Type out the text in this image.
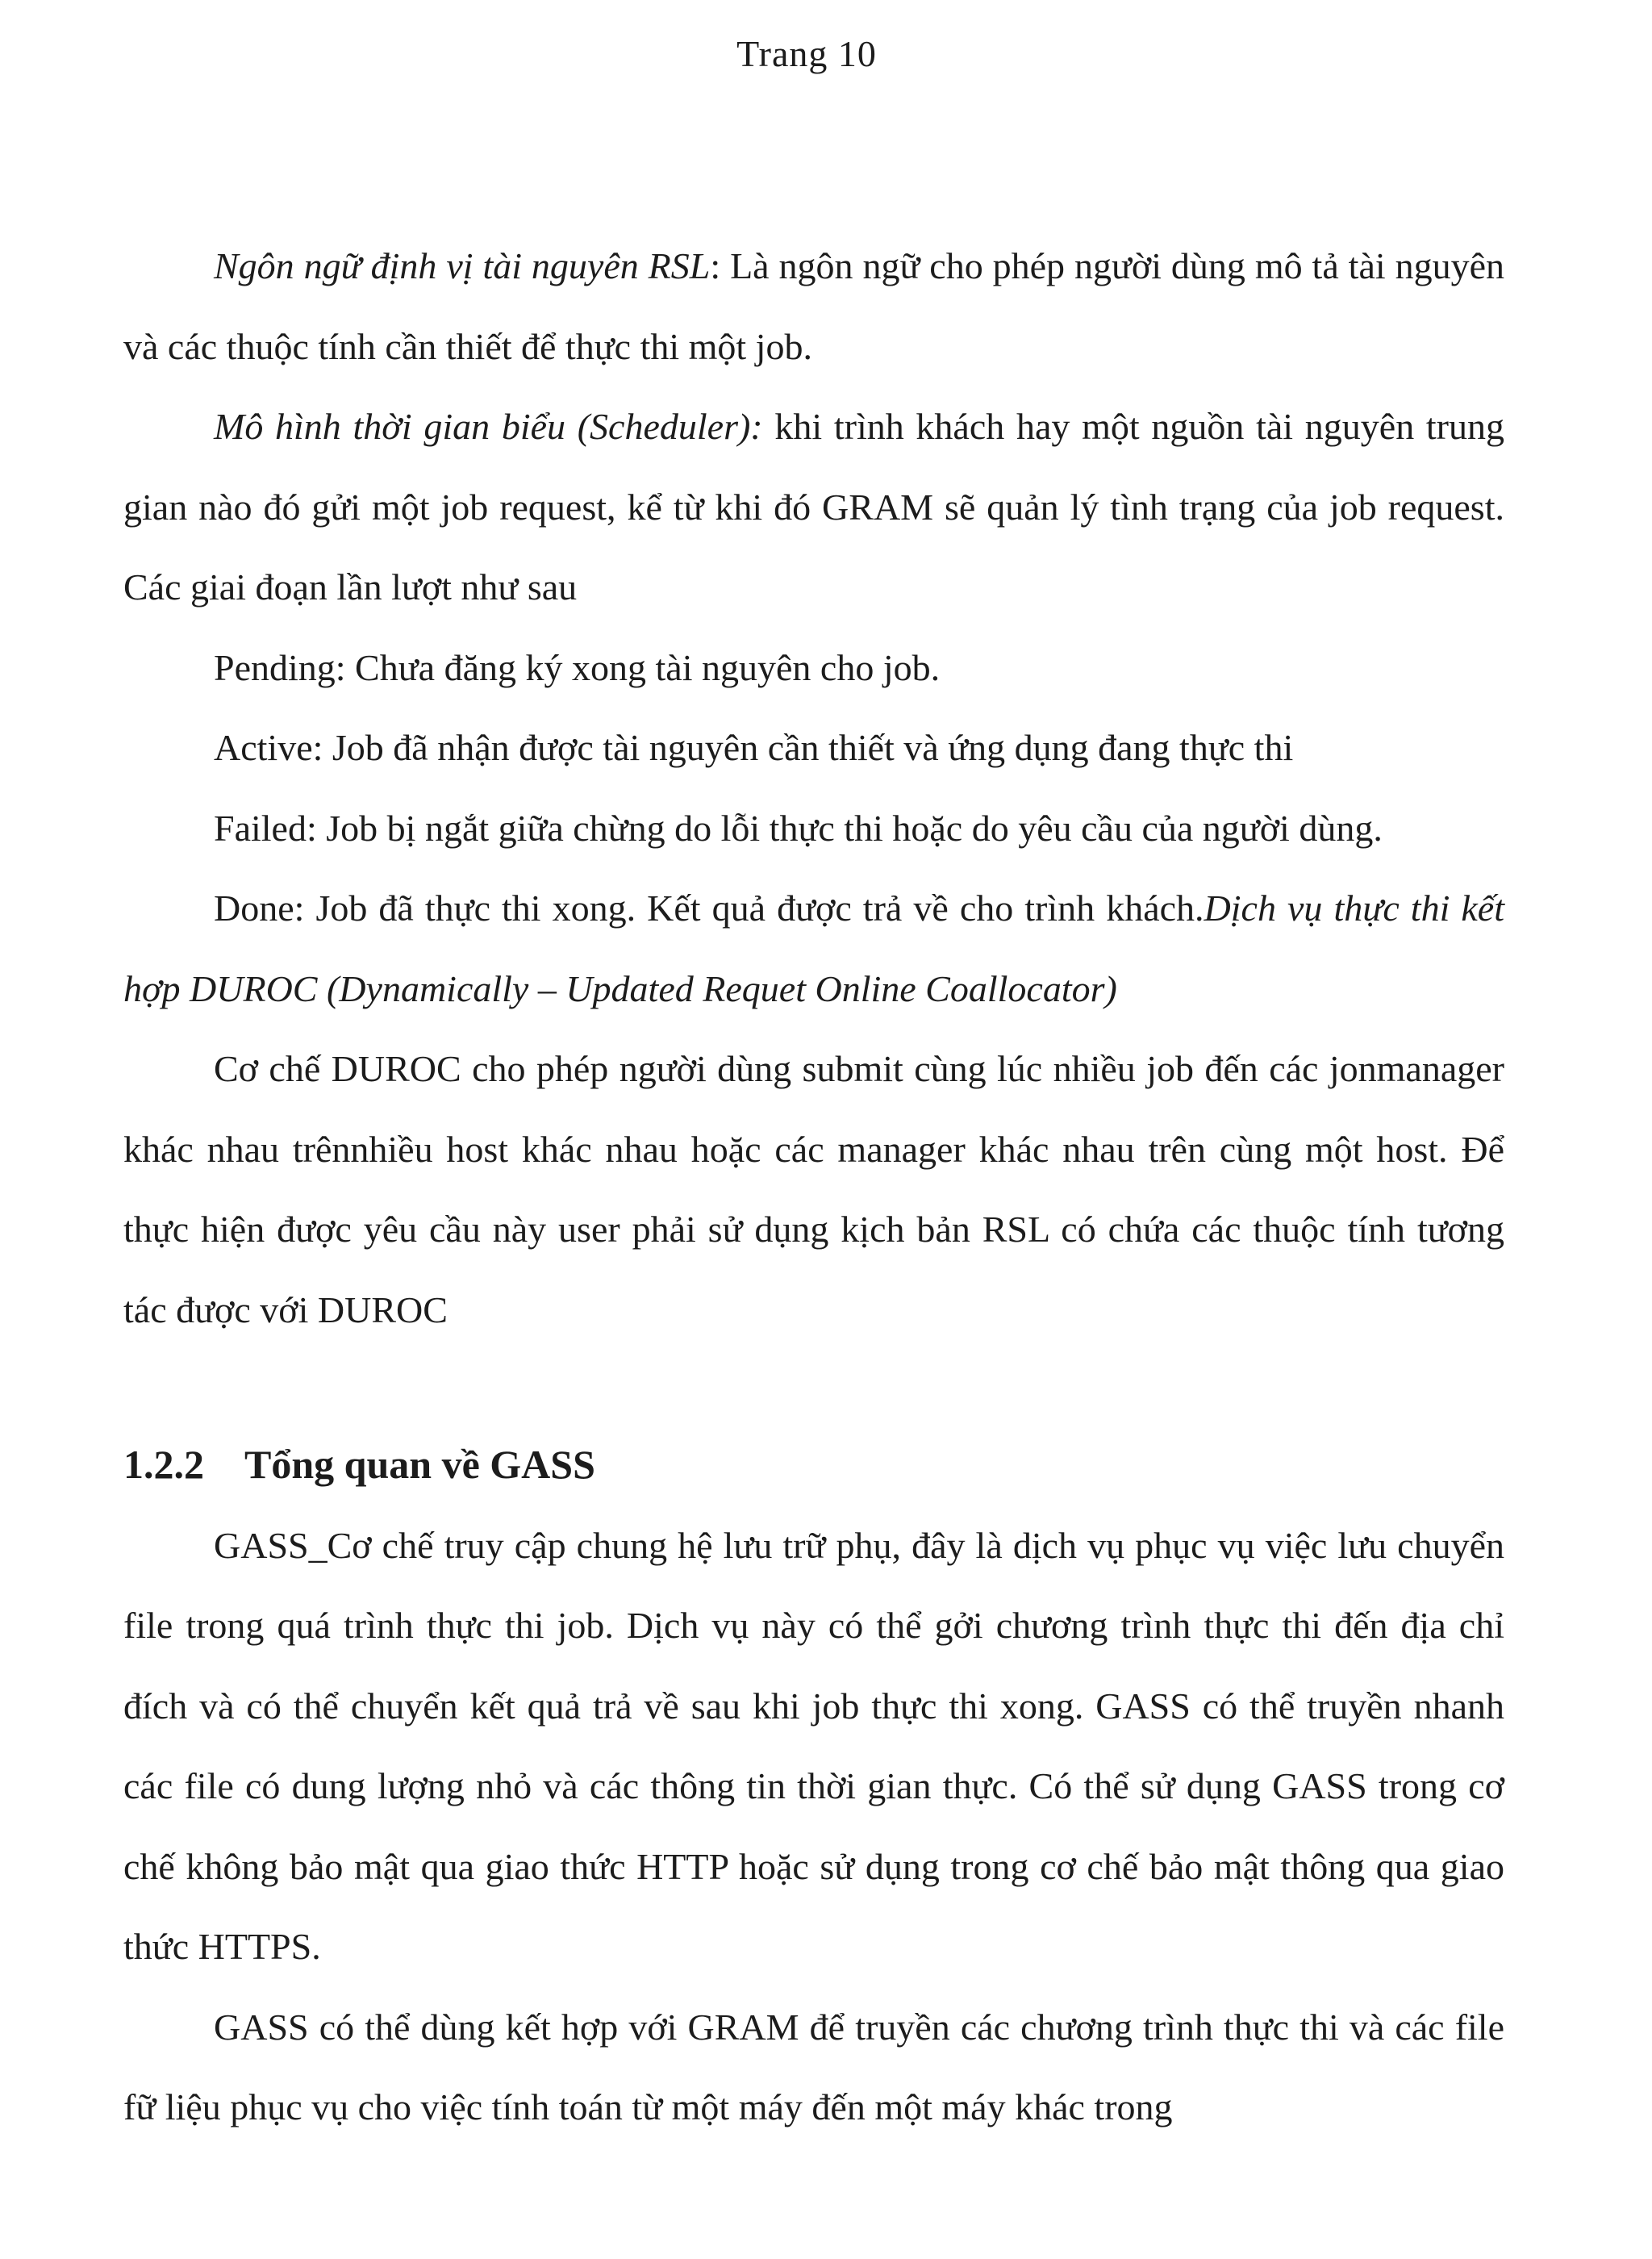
Trang 10

Ngôn ngữ định vị tài nguyên RSL: Là ngôn ngữ cho phép người dùng mô tả tài nguyên và các thuộc tính cần thiết để thực thi một job.

Mô hình thời gian biểu (Scheduler): khi trình khách hay một nguồn tài nguyên trung gian nào đó gửi một job request, kể từ khi đó GRAM sẽ quản lý tình trạng của job request. Các giai đoạn lần lượt như sau

Pending: Chưa đăng ký xong tài nguyên cho job.

Active: Job đã nhận được tài nguyên cần thiết và ứng dụng đang thực thi

Failed: Job bị ngắt giữa chừng do lỗi thực thi hoặc do yêu cầu của người dùng.

Done: Job đã thực thi xong. Kết quả được trả về cho trình khách.Dịch vụ thực thi kết hợp DUROC (Dynamically – Updated Requet Online Coallocator)

Cơ chế DUROC cho phép người dùng submit cùng lúc nhiều job đến các jonmanager khác nhau trênnhiều host khác nhau hoặc các manager khác nhau trên cùng một host. Để thực hiện được yêu cầu này user phải sử dụng kịch bản RSL có chứa các thuộc tính tương tác được với DUROC

1.2.2 Tổng quan về GASS

GASS_Cơ chế truy cập chung hệ lưu trữ phụ, đây là dịch vụ phục vụ việc lưu chuyển file trong quá trình thực thi job. Dịch vụ này có thể gởi chương trình thực thi đến địa chỉ đích và có thể chuyển kết quả trả về sau khi job thực thi xong. GASS có thể truyền nhanh các file có dung lượng nhỏ và các thông tin thời gian thực. Có thể sử dụng GASS trong cơ chế không bảo mật qua giao thức HTTP hoặc sử dụng trong cơ chế bảo mật thông qua giao thức HTTPS.

GASS có thể dùng kết hợp với GRAM để truyền các chương trình thực thi và các file fữ liệu phục vụ cho việc tính toán từ một máy đến một máy khác trong
